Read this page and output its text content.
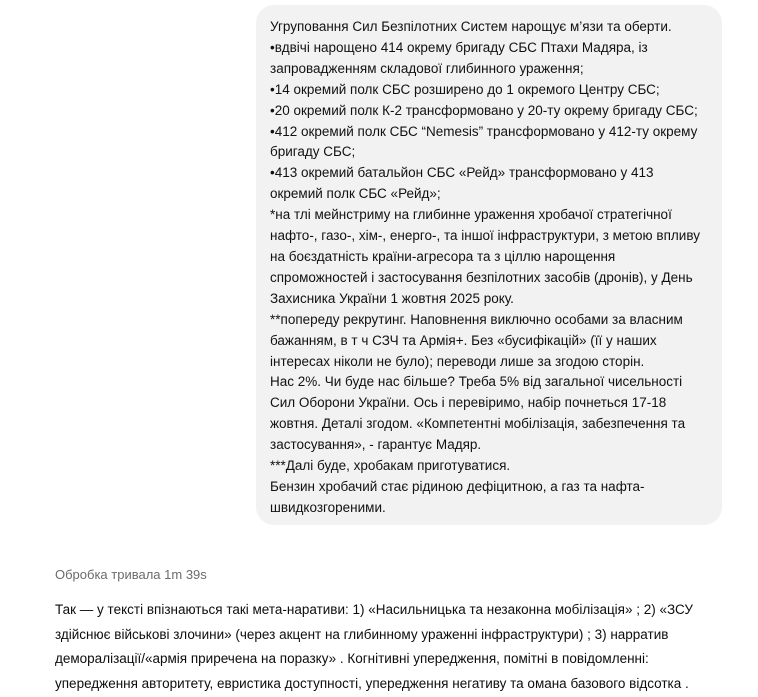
Угруповання Сил Безпілотних Систем нарощує м’язи та оберти.
•вдвічі нарощено 414 окрему бригаду СБС Птахи Мадяра, із
запровадженням складової глибинного ураження;
•14 окремий полк СБС розширено до 1 окремого Центру СБС;
•20 окремий полк К-2 трансформовано у 20-ту окрему бригаду СБС;
•412 окремий полк СБС “Nemesis” трансформовано у 412-ту окрему
бригаду СБС;
•413 окремий батальйон СБС «Рейд» трансформовано у 413
окремий полк СБС «Рейд»;
*на тлі мейнстриму на глибинне ураження хробачої стратегічної
нафто-, газо-, хім-, енерго-, та іншої інфраструктури, з метою впливу
на боєздатність країни-агресора та з ціллю нарощення
спроможностей і застосування безпілотних засобів (дронів), у День
Захисника України 1 жовтня 2025 року.
**попереду рекрутинг. Наповнення виключно особами за власним
бажанням, в т ч СЗЧ та Армія+. Без «бусифікацій» (її у наших
інтересах ніколи не було); переводи лише за згодою сторін.
Нас 2%. Чи буде нас більше? Треба 5% від загальної чисельності
Сил Оборони України. Ось і перевіримо, набір почнеться 17-18
жовтня. Деталі згодом. «Компетентні мобілізація, забезпечення та
застосування», - гарантує Мадяр.
***Далі буде, хробакам приготуватися.
Бензин хробачий стає рідиною дефіцитною, а газ та нафта-
швидкозгореними.
Обробка тривала 1m 39s
Так — у тексті впізнаються такі мета-наративи: 1) «Насильницька та незаконна мобілізація» ; 2) «ЗСУ
здійснює військові злочини» (через акцент на глибинному ураженні інфраструктури) ; 3) нарратив
деморалізації/«армія приречена на поразку» . Когнітивні упередження, помітні в повідомленні:
упередження авторитету, евристика доступності, упередження негативу та омана базового відсотка .
